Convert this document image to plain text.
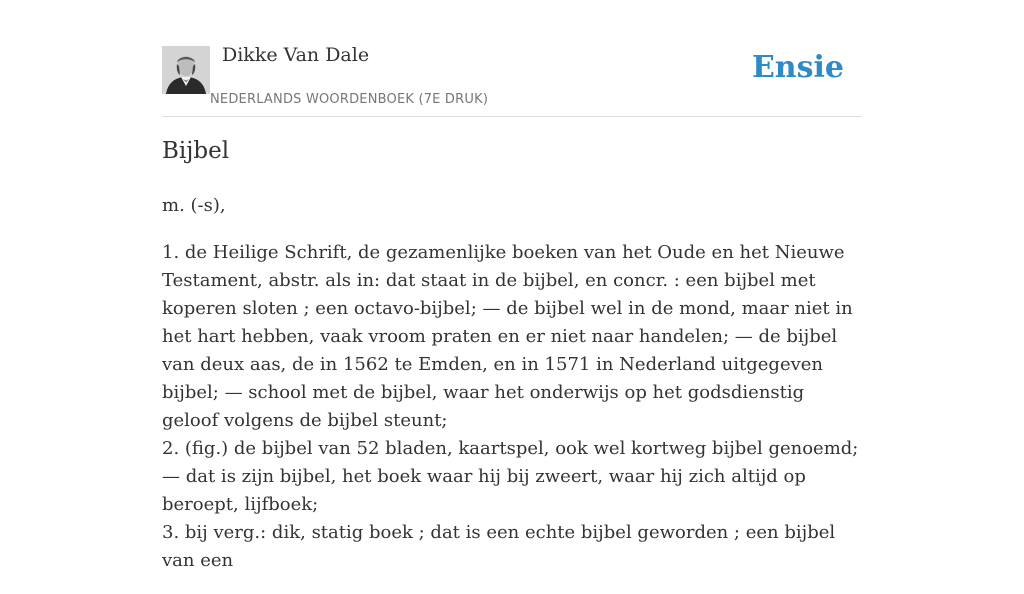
Dikke Van Dale
NEDERLANDS WOORDENBOEK (7E DRUK)
Ensie
Bijbel

m. (-s),

1. de Heilige Schrift, de gezamenlijke boeken van het Oude en het Nieuwe Testament, abstr. als in: dat staat in de bijbel, en concr. : een bijbel met koperen sloten ; een octavo-bijbel; — de bijbel wel in de mond, maar niet in het hart hebben, vaak vroom praten en er niet naar handelen; — de bijbel van deux aas, de in 1562 te Emden, en in 1571 in Nederland uitgegeven bijbel; — school met de bijbel, waar het onderwijs op het godsdienstig geloof volgens de bijbel steunt;
2. (fig.) de bijbel van 52 bladen, kaartspel, ook wel kortweg bijbel genoemd; — dat is zijn bijbel, het boek waar hij bij zweert, waar hij zich altijd op beroept, lijfboek;
3. bij verg.: dik, statig boek ; dat is een echte bijbel geworden ; een bijbel van een
